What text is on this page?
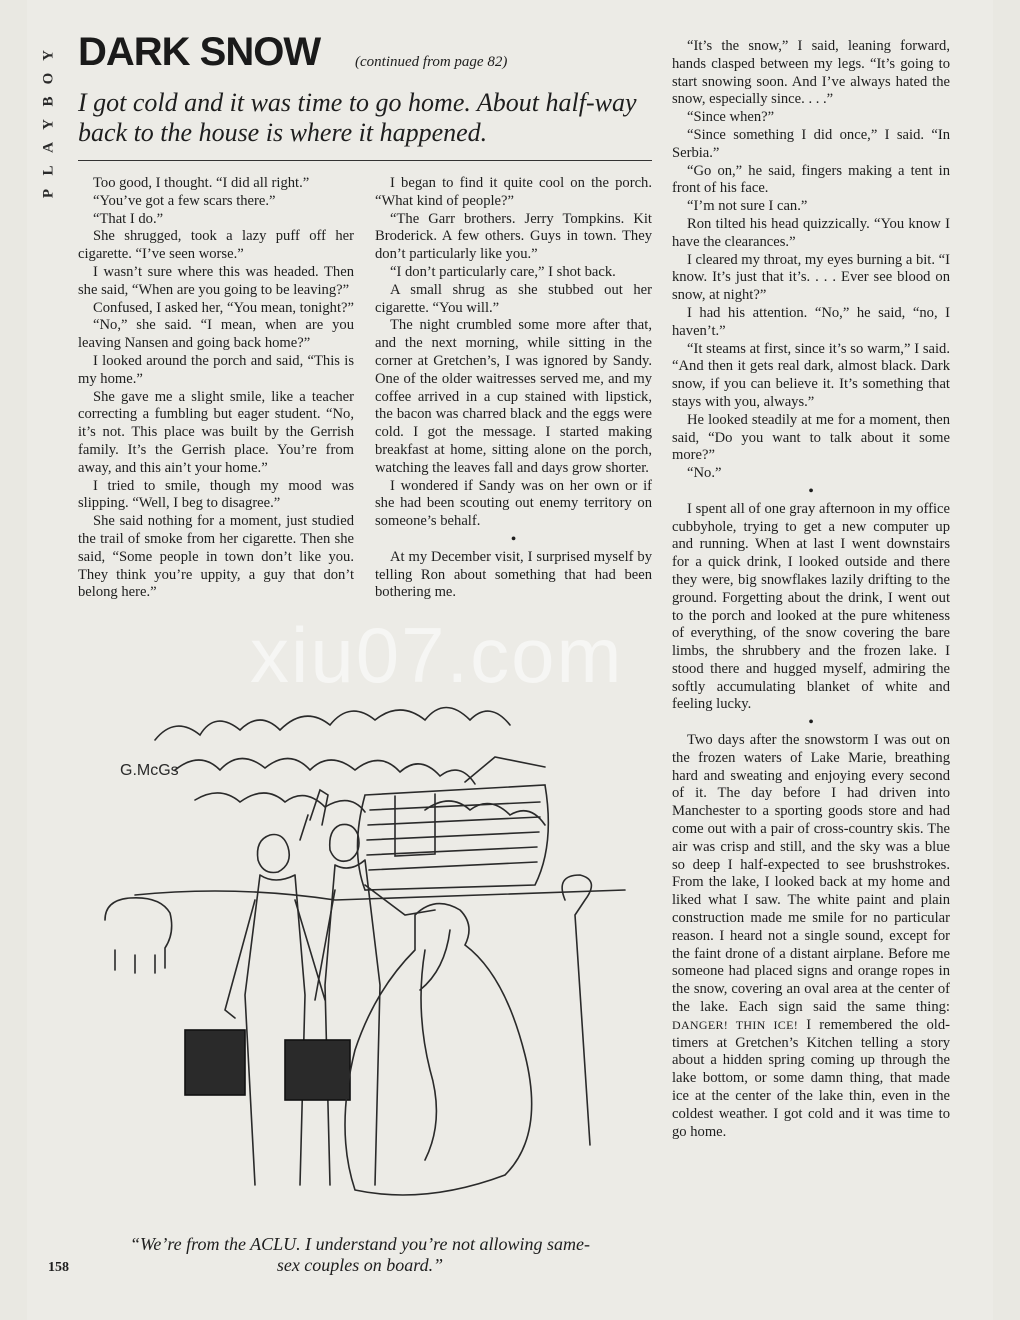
Y
O
B
Y
A
L
P
DARK SNOW (continued from page 82)
I got cold and it was time to go home. About half-way back to the house is where it happened.

Too good, I thought. “I did all right.”

“You’ve got a few scars there.”

“That I do.”

She shrugged, took a lazy puff off her cigarette. “I’ve seen worse.”

I wasn’t sure where this was headed. Then she said, “When are you going to be leaving?”

Confused, I asked her, “You mean, tonight?”

“No,” she said. “I mean, when are you leaving Nansen and going back home?”

I looked around the porch and said, “This is my home.”

She gave me a slight smile, like a teacher correcting a fumbling but eager student. “No, it’s not. This place was built by the Gerrish family. It’s the Gerrish place. You’re from away, and this ain’t your home.”

I tried to smile, though my mood was slipping. “Well, I beg to disagree.”

She said nothing for a moment, just studied the trail of smoke from her cigarette. Then she said, “Some people in town don’t like you. They think you’re uppity, a guy that don’t belong here.”

I began to find it quite cool on the porch. “What kind of people?”

“The Garr brothers. Jerry Tompkins. Kit Broderick. A few others. Guys in town. They don’t particularly like you.”

“I don’t particularly care,” I shot back.

A small shrug as she stubbed out her cigarette. “You will.”

The night crumbled some more after that, and the next morning, while sitting in the corner at Gretchen’s, I was ignored by Sandy. One of the older waitresses served me, and my coffee arrived in a cup stained with lipstick, the bacon was charred black and the eggs were cold. I got the message. I started making breakfast at home, sitting alone on the porch, watching the leaves fall and days grow shorter.

I wondered if Sandy was on her own or if she had been scouting out enemy territory on someone’s behalf.

•

At my December visit, I surprised myself by telling Ron about something that had been bothering me.

“It’s the snow,” I said, leaning forward, hands clasped between my legs. “It’s going to start snowing soon. And I’ve always hated the snow, especially since. . . .”

“Since when?”

“Since something I did once,” I said. “In Serbia.”

“Go on,” he said, fingers making a tent in front of his face.

“I’m not sure I can.”

Ron tilted his head quizzically. “You know I have the clearances.”

I cleared my throat, my eyes burning a bit. “I know. It’s just that it’s. . . . Ever see blood on snow, at night?”

I had his attention. “No,” he said, “no, I haven’t.”

“It steams at first, since it’s so warm,” I said. “And then it gets real dark, almost black. Dark snow, if you can believe it. It’s something that stays with you, always.”

He looked steadily at me for a moment, then said, “Do you want to talk about it some more?”

“No.”

•

I spent all of one gray afternoon in my office cubbyhole, trying to get a new computer up and running. When at last I went downstairs for a quick drink, I looked outside and there they were, big snowflakes lazily drifting to the ground. Forgetting about the drink, I went out to the porch and looked at the pure whiteness of everything, of the snow covering the bare limbs, the shrubbery and the frozen lake. I stood there and hugged myself, admiring the softly accumulating blanket of white and feeling lucky.

•

Two days after the snowstorm I was out on the frozen waters of Lake Marie, breathing hard and sweating and enjoying every second of it. The day before I had driven into Manchester to a sporting goods store and had come out with a pair of cross-country skis. The air was crisp and still, and the sky was a blue so deep I half-expected to see brushstrokes. From the lake, I looked back at my home and liked what I saw. The white paint and plain construction made me smile for no particular reason. I heard not a single sound, except for the faint drone of a distant airplane. Before me someone had placed signs and orange ropes in the snow, covering an oval area at the center of the lake. Each sign said the same thing: DANGER! THIN ICE! I remembered the old-timers at Gretchen’s Kitchen telling a story about a hidden spring coming up through the lake bottom, or some damn thing, that made ice at the center of the lake thin, even in the coldest weather. I got cold and it was time to go home.

G.McGs
“We’re from the ACLU. I understand you’re not allowing same-sex couples on board.”
158
xiu07.com
